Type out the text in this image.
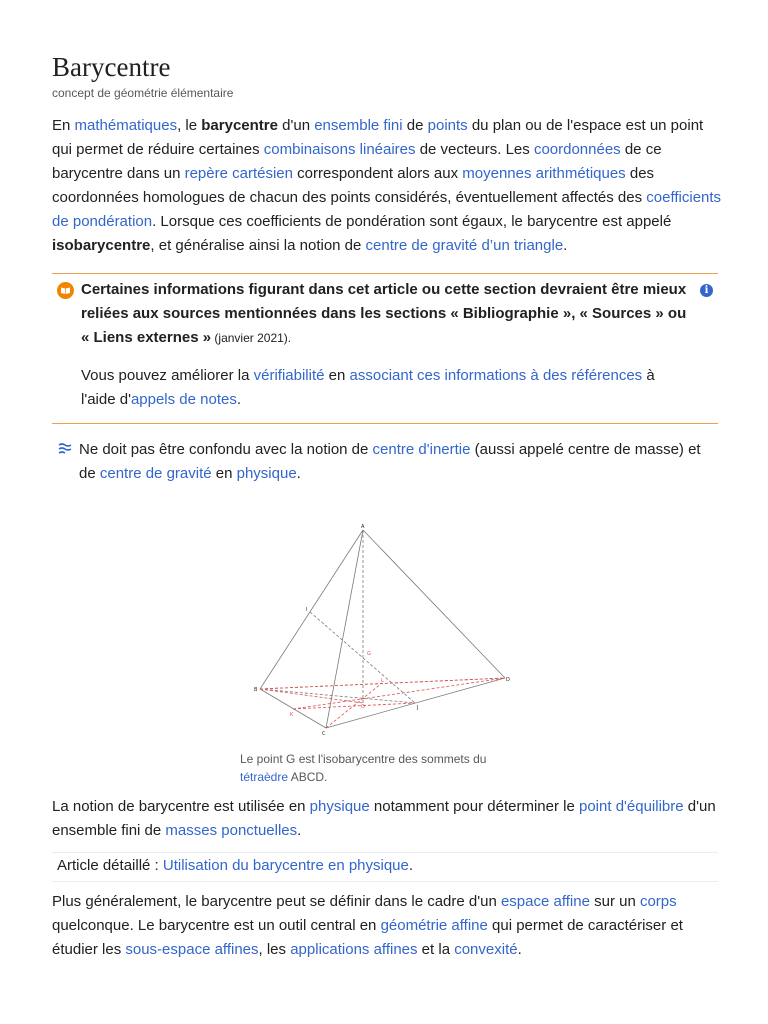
Barycentre
concept de géométrie élémentaire

En mathématiques, le barycentre d'un ensemble fini de points du plan ou de l'espace est un point qui permet de réduire certaines combinaisons linéaires de vecteurs. Les coordonnées de ce barycentre dans un repère cartésien correspondent alors aux moyennes arithmétiques des coordonnées homologues de chacun des points considérés, éventuellement affectés des coefficients de pondération. Lorsque ces coefficients de pondération sont égaux, le barycentre est appelé isobarycentre, et généralise ainsi la notion de centre de gravité d’un triangle.

Certaines informations figurant dans cet article ou cette section devraient être mieux reliées aux sources mentionnées dans les sections « Bibliographie », « Sources » ou « Liens externes » (janvier 2021).

Vous pouvez améliorer la vérifiabilité en associant ces informations à des références à l'aide d'appels de notes.

i

Ne doit pas être confondu avec la notion de centre d'inertie (aussi appelé centre de masse) et de centre de gravité en physique.

A
B
C
D
I
J
K
L
G
O
Le point G est l'isobarycentre des sommets du tétraèdre ABCD.

La notion de barycentre est utilisée en physique notamment pour déterminer le point d'équilibre d'un ensemble fini de masses ponctuelles.

Article détaillé : Utilisation du barycentre en physique.

Plus généralement, le barycentre peut se définir dans le cadre d'un espace affine sur un corps quelconque. Le barycentre est un outil central en géométrie affine qui permet de caractériser et étudier les sous-espace affines, les applications affines et la convexité.
